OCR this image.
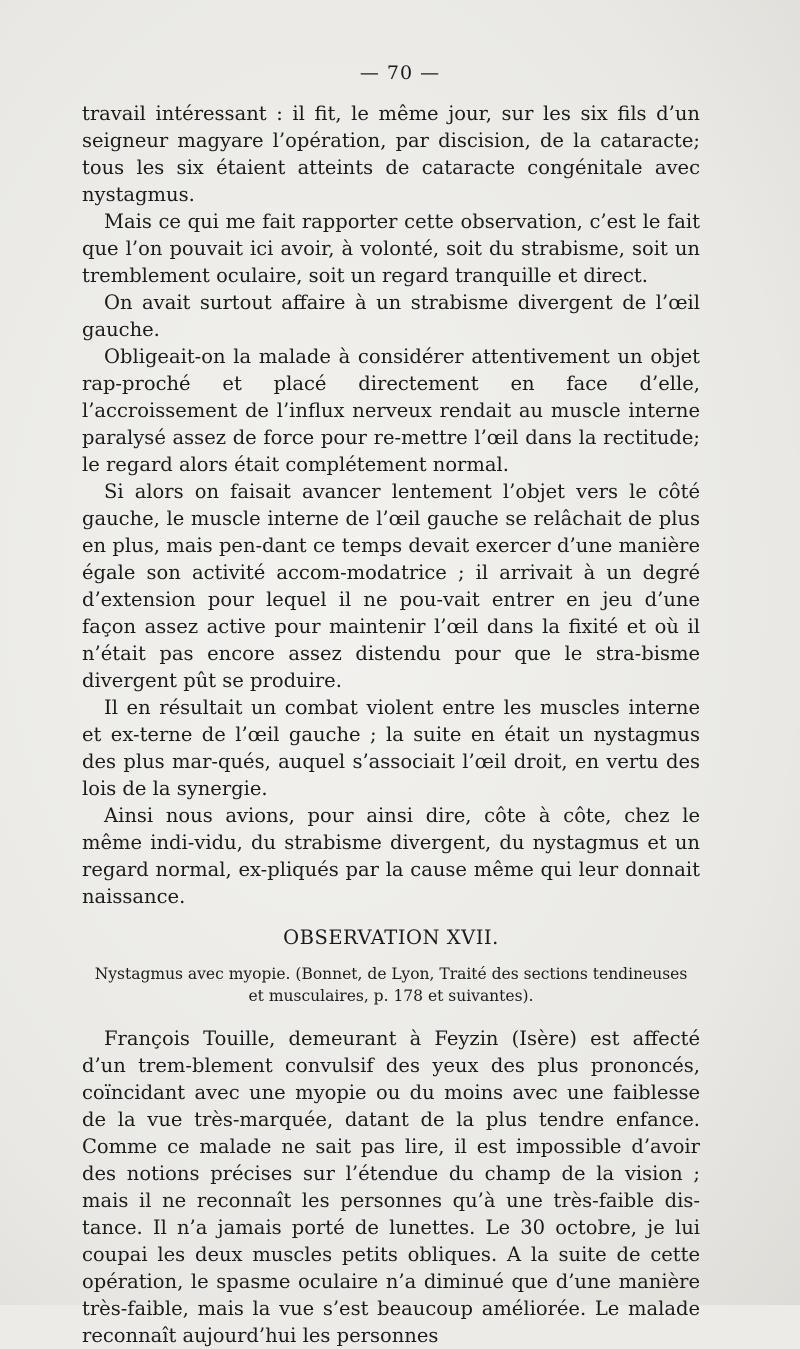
— 70 —

travail intéressant : il fit, le même jour, sur les six fils d’un seigneur magyare l’opération, par discision, de la cataracte; tous les six étaient atteints de cataracte congénitale avec nystagmus.

Mais ce qui me fait rapporter cette observation, c’est le fait que l’on pouvait ici avoir, à volonté, soit du strabisme, soit un tremblement oculaire, soit un regard tranquille et direct.

On avait surtout affaire à un strabisme divergent de l’œil gauche.

Obligeait-on la malade à considérer attentivement un objet rap-proché et placé directement en face d’elle, l’accroissement de l’influx nerveux rendait au muscle interne paralysé assez de force pour re-mettre l’œil dans la rectitude; le regard alors était complétement normal.

Si alors on faisait avancer lentement l’objet vers le côté gauche, le muscle interne de l’œil gauche se relâchait de plus en plus, mais pen-dant ce temps devait exercer d’une manière égale son activité accom-modatrice ; il arrivait à un degré d’extension pour lequel il ne pou-vait entrer en jeu d’une façon assez active pour maintenir l’œil dans la fixité et où il n’était pas encore assez distendu pour que le stra-bisme divergent pût se produire.

Il en résultait un combat violent entre les muscles interne et ex-terne de l’œil gauche ; la suite en était un nystagmus des plus mar-qués, auquel s’associait l’œil droit, en vertu des lois de la synergie.

Ainsi nous avions, pour ainsi dire, côte à côte, chez le même indi-vidu, du strabisme divergent, du nystagmus et un regard normal, ex-pliqués par la cause même qui leur donnait naissance.

OBSERVATION XVII.

Nystagmus avec myopie. (Bonnet, de Lyon, Traité des sections tendineuses et musculaires, p. 178 et suivantes).

François Touille, demeurant à Feyzin (Isère) est affecté d’un trem-blement convulsif des yeux des plus prononcés, coïncidant avec une myopie ou du moins avec une faiblesse de la vue très-marquée, datant de la plus tendre enfance. Comme ce malade ne sait pas lire, il est impossible d’avoir des notions précises sur l’étendue du champ de la vision ; mais il ne reconnaît les personnes qu’à une très-faible dis-tance. Il n’a jamais porté de lunettes. Le 30 octobre, je lui coupai les deux muscles petits obliques. A la suite de cette opération, le spasme oculaire n’a diminué que d’une manière très-faible, mais la vue s’est beaucoup améliorée. Le malade reconnaît aujourd’hui les personnes
